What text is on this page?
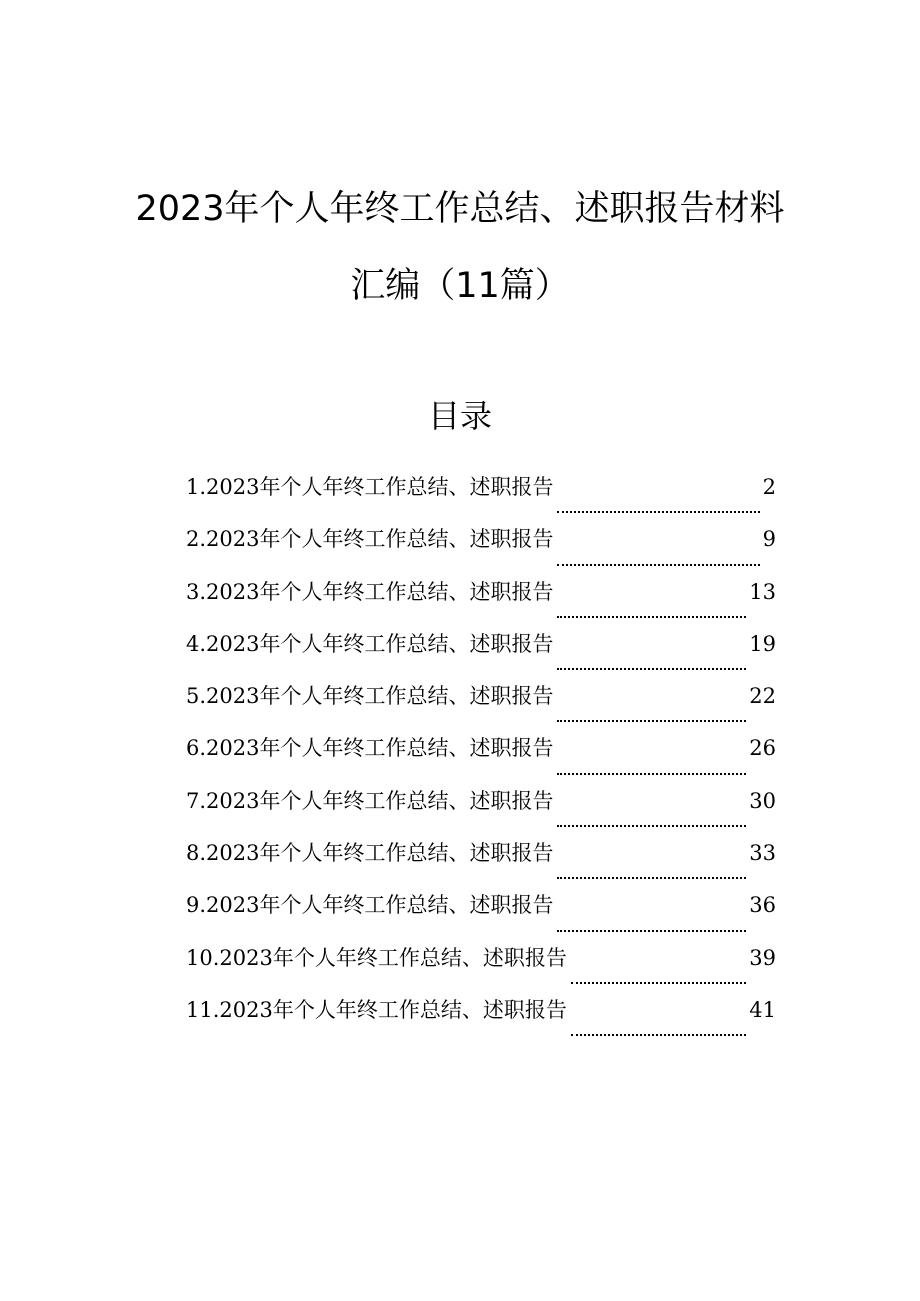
2023年个人年终工作总结、述职报告材料
汇编（11篇）
目录
1.2023 年个人年终工作总结、述职报告	2
2.2023 年个人年终工作总结、述职报告	9
3.2023 年个人年终工作总结、述职报告	13
4.2023 年个人年终工作总结、述职报告	19
5.2023 年个人年终工作总结、述职报告	22
6.2023 年个人年终工作总结、述职报告	26
7.2023 年个人年终工作总结、述职报告	30
8.2023 年个人年终工作总结、述职报告	33
9.2023 年个人年终工作总结、述职报告	36
10.2023 年个人年终工作总结、述职报告	39
11.2023 年个人年终工作总结、述职报告	41
